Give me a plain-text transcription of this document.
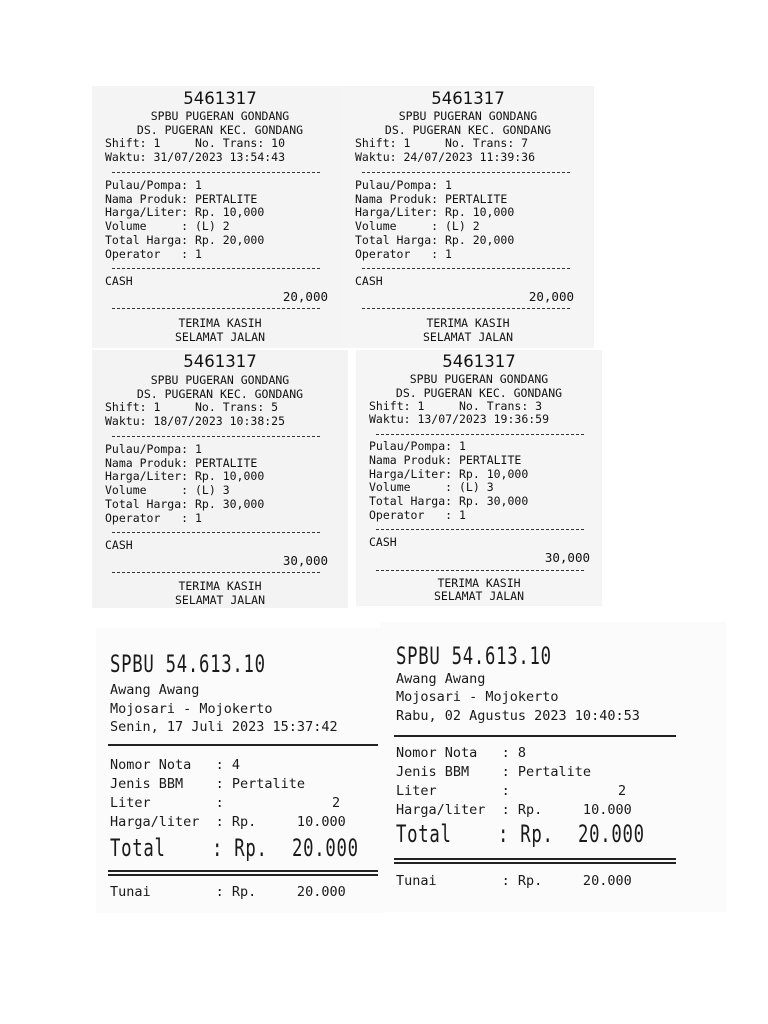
5461317
SPBU PUGERAN GONDANG
DS. PUGERAN KEC. GONDANG
Shift: 1     No. Trans: 10
Waktu: 31/07/2023 13:54:43
Pulau/Pompa: 1
Nama Produk: PERTALITE
Harga/Liter: Rp. 10,000
Volume     : (L) 2
Total Harga: Rp. 20,000
Operator   : 1
CASH
20,000
TERIMA KASIH
SELAMAT JALAN
5461317
SPBU PUGERAN GONDANG
DS. PUGERAN KEC. GONDANG
Shift: 1     No. Trans: 7
Waktu: 24/07/2023 11:39:36
Pulau/Pompa: 1
Nama Produk: PERTALITE
Harga/Liter: Rp. 10,000
Volume     : (L) 2
Total Harga: Rp. 20,000
Operator   : 1
CASH
20,000
TERIMA KASIH
SELAMAT JALAN
5461317
SPBU PUGERAN GONDANG
DS. PUGERAN KEC. GONDANG
Shift: 1     No. Trans: 5
Waktu: 18/07/2023 10:38:25
Pulau/Pompa: 1
Nama Produk: PERTALITE
Harga/Liter: Rp. 10,000
Volume     : (L) 3
Total Harga: Rp. 30,000
Operator   : 1
CASH
30,000
TERIMA KASIH
SELAMAT JALAN
5461317
SPBU PUGERAN GONDANG
DS. PUGERAN KEC. GONDANG
Shift: 1     No. Trans: 3
Waktu: 13/07/2023 19:36:59
Pulau/Pompa: 1
Nama Produk: PERTALITE
Harga/Liter: Rp. 10,000
Volume     : (L) 3
Total Harga: Rp. 30,000
Operator   : 1
CASH
30,000
TERIMA KASIH
SELAMAT JALAN
SPBU 54.613.10
Awang Awang
Mojosari - Mojokerto
Senin, 17 Juli 2023 15:37:42
Nomor Nota   : 4
Jenis BBM    : Pertalite
Liter        :	2
Harga/liter  : Rp.     10.000
Total : Rp. 20.000
Tunai        : Rp.     20.000
SPBU 54.613.10
Awang Awang
Mojosari - Mojokerto
Rabu, 02 Agustus 2023 10:40:53
Nomor Nota   : 8
Jenis BBM    : Pertalite
Liter        :	2
Harga/liter  : Rp.     10.000
Total : Rp. 20.000
Tunai        : Rp.     20.000
